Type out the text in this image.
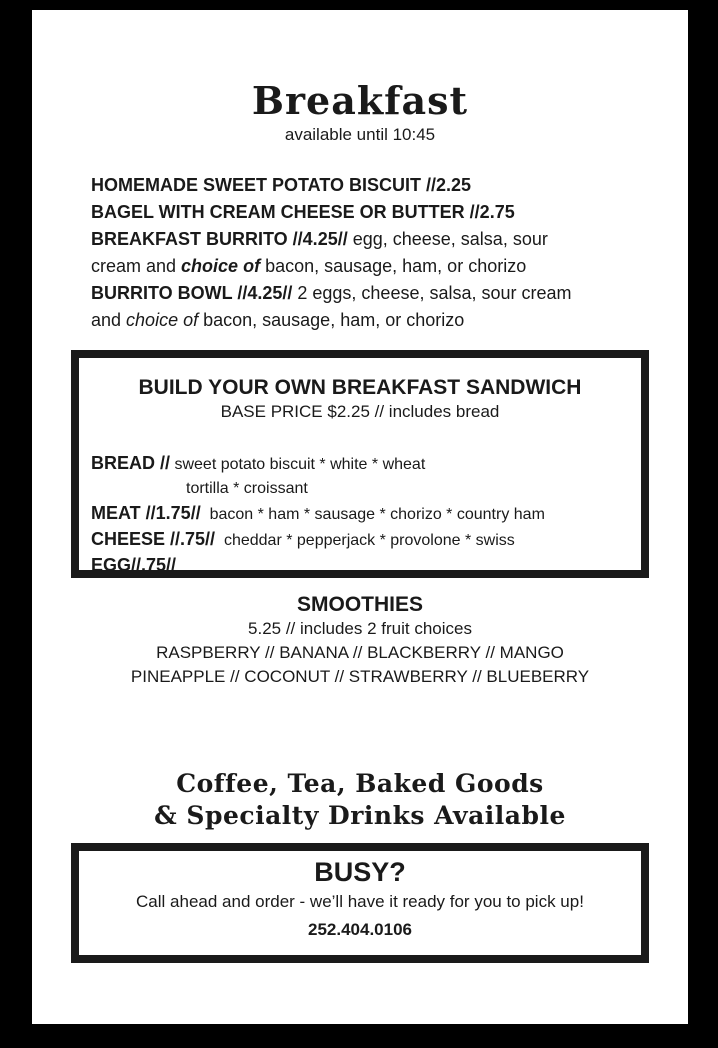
Breakfast
available until 10:45
HOMEMADE SWEET POTATO BISCUIT //2.25
BAGEL WITH CREAM CHEESE OR BUTTER //2.75
BREAKFAST BURRITO //4.25// egg, cheese, salsa, sour
cream and choice of bacon, sausage, ham, or chorizo
BURRITO BOWL //4.25// 2 eggs, cheese, salsa, sour cream
and choice of bacon, sausage, ham, or chorizo
BUILD YOUR OWN BREAKFAST SANDWICH
BASE PRICE $2.25 // includes bread
BREAD // sweet potato biscuit * white * wheat
tortilla * croissant
MEAT //1.75//  bacon * ham * sausage * chorizo * country ham
CHEESE //.75//  cheddar * pepperjack * provolone * swiss
EGG//.75//
SMOOTHIES
5.25 // includes 2 fruit choices
RASPBERRY // BANANA // BLACKBERRY // MANGO
PINEAPPLE // COCONUT // STRAWBERRY // BLUEBERRY
Coffee, Tea, Baked Goods
& Specialty Drinks Available
BUSY?
Call ahead and order - we’ll have it ready for you to pick up!
252.404.0106
